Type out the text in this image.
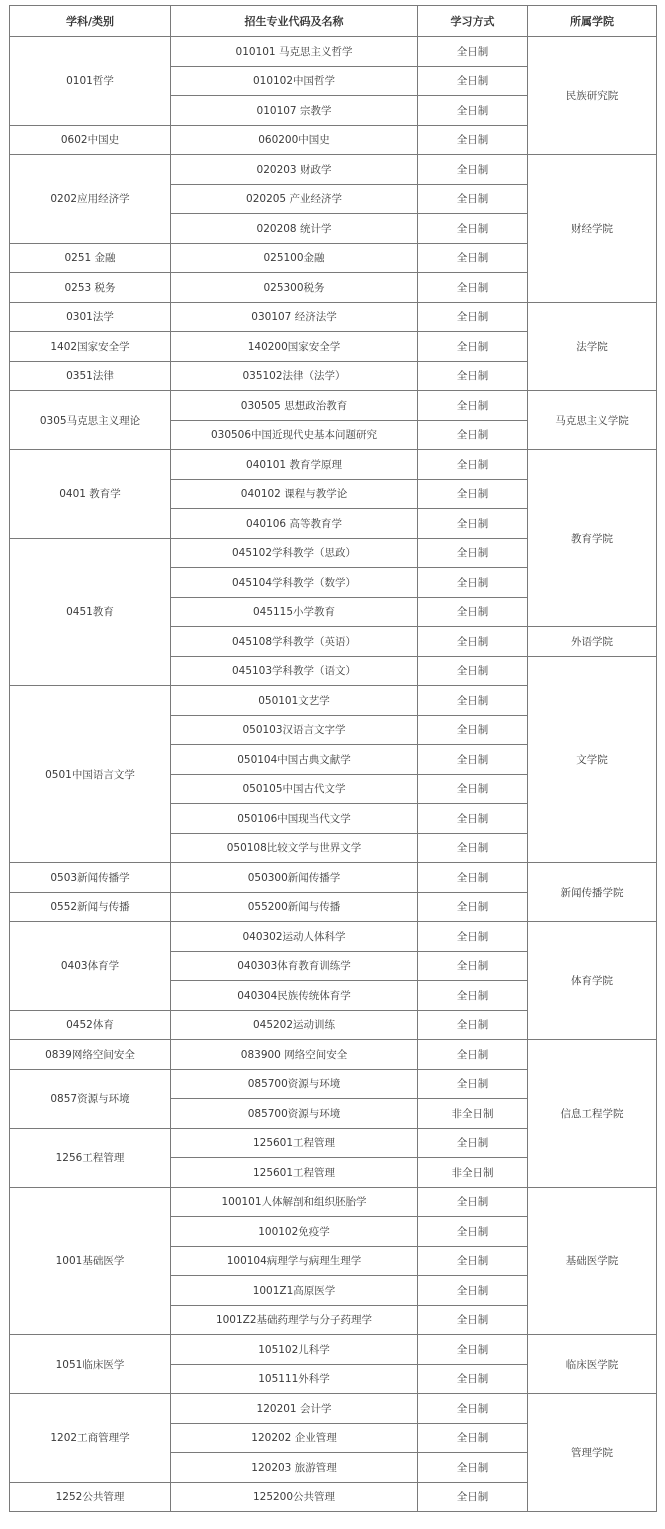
学科/类别	招生专业代码及名称	学习方式	所属学院
0101哲学	010101 马克思主义哲学	全日制	民族研究院
	010102中国哲学	全日制	
	010107 宗教学	全日制	
0602中国史	060200中国史	全日制	
0202应用经济学	020203 财政学	全日制	财经学院
	020205 产业经济学	全日制	
	020208 统计学	全日制	
0251 金融	025100金融	全日制	
0253 税务	025300税务	全日制	
0301法学	030107 经济法学	全日制	法学院
1402国家安全学	140200国家安全学	全日制	
0351法律	035102法律（法学）	全日制	
0305马克思主义理论	030505 思想政治教育	全日制	马克思主义学院
	030506中国近现代史基本问题研究	全日制	
0401 教育学	040101 教育学原理	全日制	教育学院
	040102 课程与教学论	全日制	
	040106 高等教育学	全日制	
0451教育	045102学科教学（思政）	全日制	
	045104学科教学（数学）	全日制	
	045115小学教育	全日制	
	045108学科教学（英语）	全日制	外语学院
	045103学科教学（语文）	全日制	文学院
0501中国语言文学	050101文艺学	全日制	
	050103汉语言文字学	全日制	
	050104中国古典文献学	全日制	
	050105中国古代文学	全日制	
	050106中国现当代文学	全日制	
	050108比较文学与世界文学	全日制	
0503新闻传播学	050300新闻传播学	全日制	新闻传播学院
0552新闻与传播	055200新闻与传播	全日制	
0403体育学	040302运动人体科学	全日制	体育学院
	040303体育教育训练学	全日制	
	040304民族传统体育学	全日制	
0452体育	045202运动训练	全日制	
0839网络空间安全	083900 网络空间安全	全日制	信息工程学院
0857资源与环境	085700资源与环境	全日制	
	085700资源与环境	非全日制	
1256工程管理	125601工程管理	全日制	
	125601工程管理	非全日制	
1001基础医学	100101人体解剖和组织胚胎学	全日制	基础医学院
	100102免疫学	全日制	
	100104病理学与病理生理学	全日制	
	1001Z1高原医学	全日制	
	1001Z2基础药理学与分子药理学	全日制	
1051临床医学	105102儿科学	全日制	临床医学院
	105111外科学	全日制	
1202工商管理学	120201 会计学	全日制	管理学院
	120202 企业管理	全日制	
	120203 旅游管理	全日制	
1252公共管理	125200公共管理	全日制	
